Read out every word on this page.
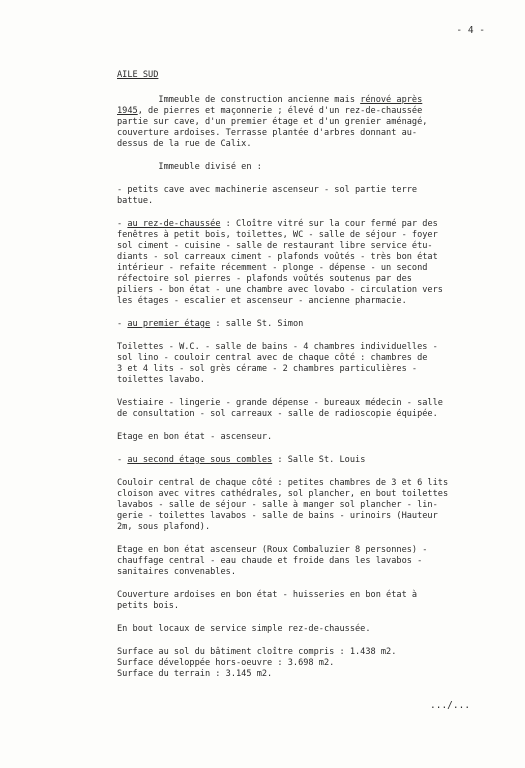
- 4 -
AILE SUD
Immeuble de construction ancienne mais rénové après
1945, de pierres et maçonnerie ; élevé d'un rez-de-chaussée
partie sur cave, d'un premier étage et d'un grenier aménagé,
couverture ardoises. Terrasse plantée d'arbres donnant au-
dessus de la rue de Calix.
Immeuble divisé en :
- petits cave avec machinerie ascenseur - sol partie terre
battue.
- au rez-de-chaussée : Cloître vitré sur la cour fermé par des
fenêtres à petit bois, toilettes, WC - salle de séjour - foyer
sol ciment - cuisine - salle de restaurant libre service étu-
diants - sol carreaux ciment - plafonds voûtés - très bon état
intérieur - refaite récemment - plonge - dépense - un second
réfectoire sol pierres - plafonds voûtés soutenus par des
piliers - bon état - une chambre avec lovabo - circulation vers
les étages - escalier et ascenseur - ancienne pharmacie.
- au premier étage : salle St. Simon
Toilettes - W.C. - salle de bains - 4 chambres individuelles -
sol lino - couloir central avec de chaque côté : chambres de
3 et 4 lits - sol grès cérame - 2 chambres particulières -
toilettes lavabo.
Vestiaire - lingerie - grande dépense - bureaux médecin - salle
de consultation - sol carreaux - salle de radioscopie équipée.
Etage en bon état - ascenseur.
- au second étage sous combles : Salle St. Louis
Couloir central de chaque côté : petites chambres de 3 et 6 lits
cloison avec vitres cathédrales, sol plancher, en bout toilettes
lavabos - salle de séjour - salle à manger sol plancher - lin-
gerie - toilettes lavabos - salle de bains - urinoirs (Hauteur
2m, sous plafond).
Etage en bon état ascenseur (Roux Combaluzier 8 personnes) -
chauffage central - eau chaude et froide dans les lavabos -
sanitaires convenables.
Couverture ardoises en bon état - huisseries en bon état à
petits bois.
En bout locaux de service simple rez-de-chaussée.
Surface au sol du bâtiment cloître compris : 1.438 m2.
Surface développée hors-oeuvre : 3.698 m2.
Surface du terrain : 3.145 m2.
.../...
